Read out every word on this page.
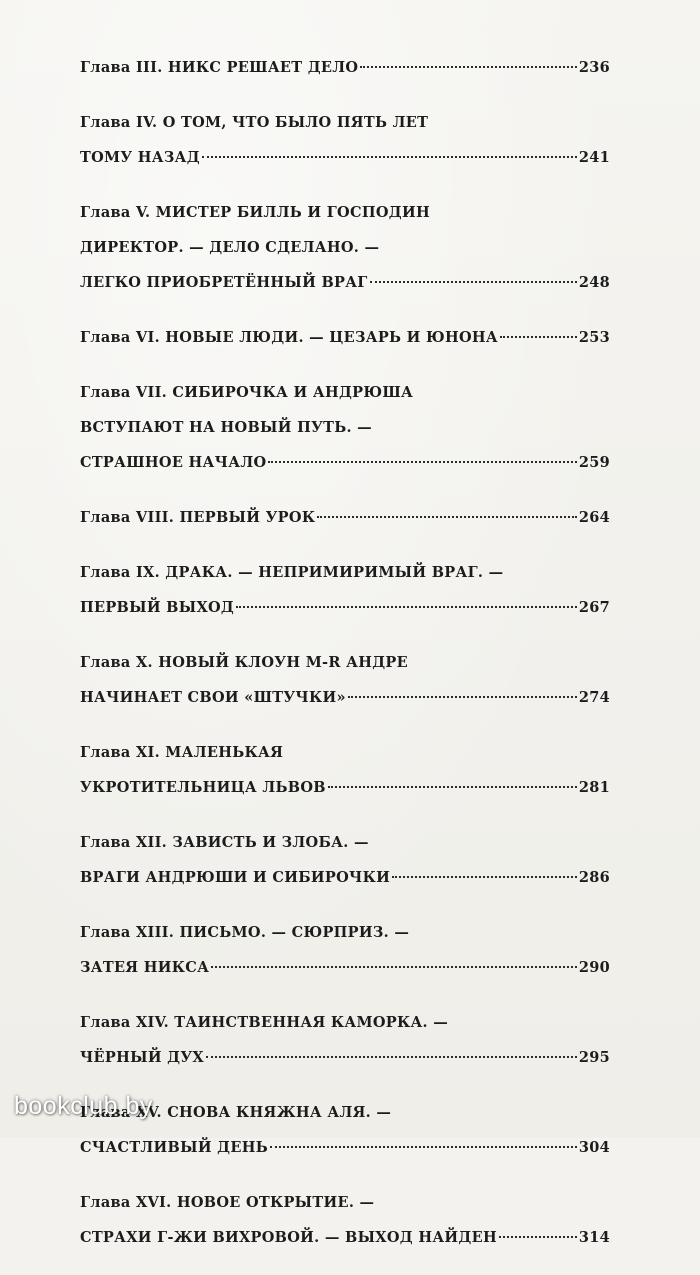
Глава III. НИКС РЕШАЕТ ДЕЛО	236
Глава IV. О ТОМ, ЧТО БЫЛО ПЯТЬ ЛЕТ
ТОМУ НАЗАД	241
Глава V. МИСТЕР БИЛЛЬ И ГОСПОДИН
ДИРЕКТОР. — ДЕЛО СДЕЛАНО. —
ЛЕГКО ПРИОБРЕТЁННЫЙ ВРАГ	248
Глава VI. НОВЫЕ ЛЮДИ. — ЦЕЗАРЬ И ЮНОНА	253
Глава VII. СИБИРОЧКА И АНДРЮША
ВСТУПАЮТ НА НОВЫЙ ПУТЬ. —
СТРАШНОЕ НАЧАЛО	259
Глава VIII. ПЕРВЫЙ УРОК	264
Глава IX. ДРАКА. — НЕПРИМИРИМЫЙ ВРАГ. —
ПЕРВЫЙ ВЫХОД	267
Глава X. НОВЫЙ КЛОУН М-R АНДРЕ
НАЧИНАЕТ СВОИ «ШТУЧКИ»	274
Глава XI. МАЛЕНЬКАЯ
УКРОТИТЕЛЬНИЦА ЛЬВОВ	281
Глава XII. ЗАВИСТЬ И ЗЛОБА. —
ВРАГИ АНДРЮШИ И СИБИРОЧКИ	286
Глава XIII. ПИСЬМО. — СЮРПРИЗ. —
ЗАТЕЯ НИКСА	290
Глава XIV. ТАИНСТВЕННАЯ КАМОРКА. —
ЧЁРНЫЙ ДУХ	295
Глава XV. СНОВА КНЯЖНА АЛЯ. —
СЧАСТЛИВЫЙ ДЕНЬ	304
Глава XVI. НОВОЕ ОТКРЫТИЕ. —
СТРАХИ Г-ЖИ ВИХРОВОЙ. — ВЫХОД НАЙДЕН	314
bookclub.by
